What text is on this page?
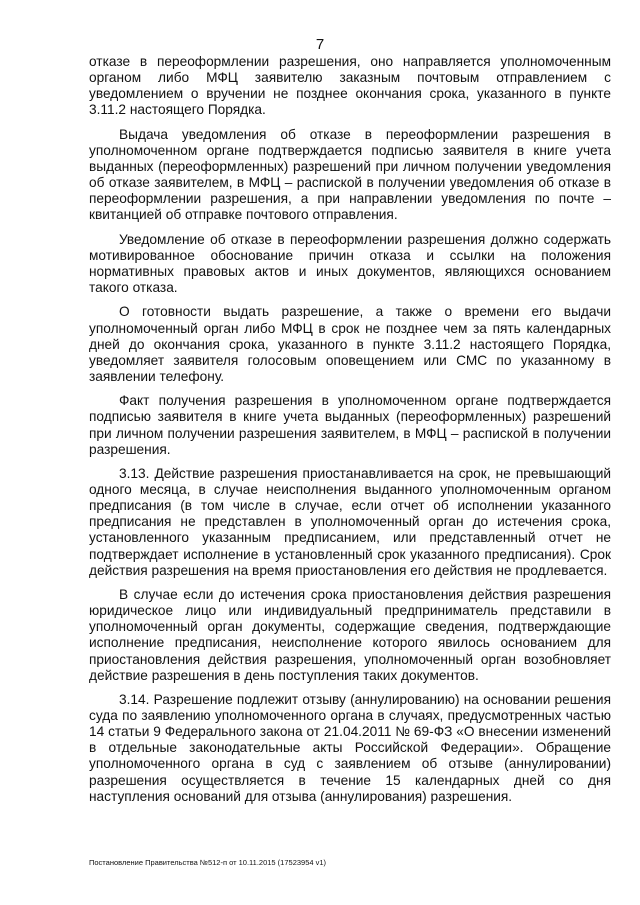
7

отказе в переоформлении разрешения, оно направляется уполномоченным органом либо МФЦ заявителю заказным почтовым отправлением с уведомлением о вручении не позднее окончания срока, указанного в пункте 3.11.2 настоящего Порядка.

Выдача уведомления об отказе в переоформлении разрешения в уполномоченном органе подтверждается подписью заявителя в книге учета выданных (переоформленных) разрешений при личном получении уведомления об отказе заявителем, в МФЦ – распиской в получении уведомления об отказе в переоформлении разрешения, а при направлении уведомления по почте – квитанцией об отправке почтового отправления.

Уведомление об отказе в переоформлении разрешения должно содержать мотивированное обоснование причин отказа и ссылки на положения нормативных правовых актов и иных документов, являющихся основанием такого отказа.

О готовности выдать разрешение, а также о времени его выдачи уполномоченный орган либо МФЦ в срок не позднее чем за пять календарных дней до окончания срока, указанного в пункте 3.11.2 настоящего Порядка, уведомляет заявителя голосовым оповещением или СМС по указанному в заявлении телефону.

Факт получения разрешения в уполномоченном органе подтверждается подписью заявителя в книге учета выданных (переоформленных) разрешений при личном получении разрешения заявителем, в МФЦ – распиской в получении разрешения.

3.13. Действие разрешения приостанавливается на срок, не превышающий одного месяца, в случае неисполнения выданного уполномоченным органом предписания (в том числе в случае, если отчет об исполнении указанного предписания не представлен в уполномоченный орган до истечения срока, установленного указанным предписанием, или представленный отчет не подтверждает исполнение в установленный срок указанного предписания). Срок действия разрешения на время приостановления его действия не продлевается.

В случае если до истечения срока приостановления действия разрешения юридическое лицо или индивидуальный предприниматель представили в уполномоченный орган документы, содержащие сведения, подтверждающие исполнение предписания, неисполнение которого явилось основанием для приостановления действия разрешения, уполномоченный орган возобновляет действие разрешения в день поступления таких документов.

3.14. Разрешение подлежит отзыву (аннулированию) на основании решения суда по заявлению уполномоченного органа в случаях, предусмотренных частью 14 статьи 9 Федерального закона от 21.04.2011 № 69-ФЗ «О внесении изменений в отдельные законодательные акты Российской Федерации». Обращение уполномоченного органа в суд с заявлением об отзыве (аннулировании) разрешения осуществляется в течение 15 календарных дней со дня наступления оснований для отзыва (аннулирования) разрешения.

Постановление Правительства №512-п от 10.11.2015 (17523954 v1)
